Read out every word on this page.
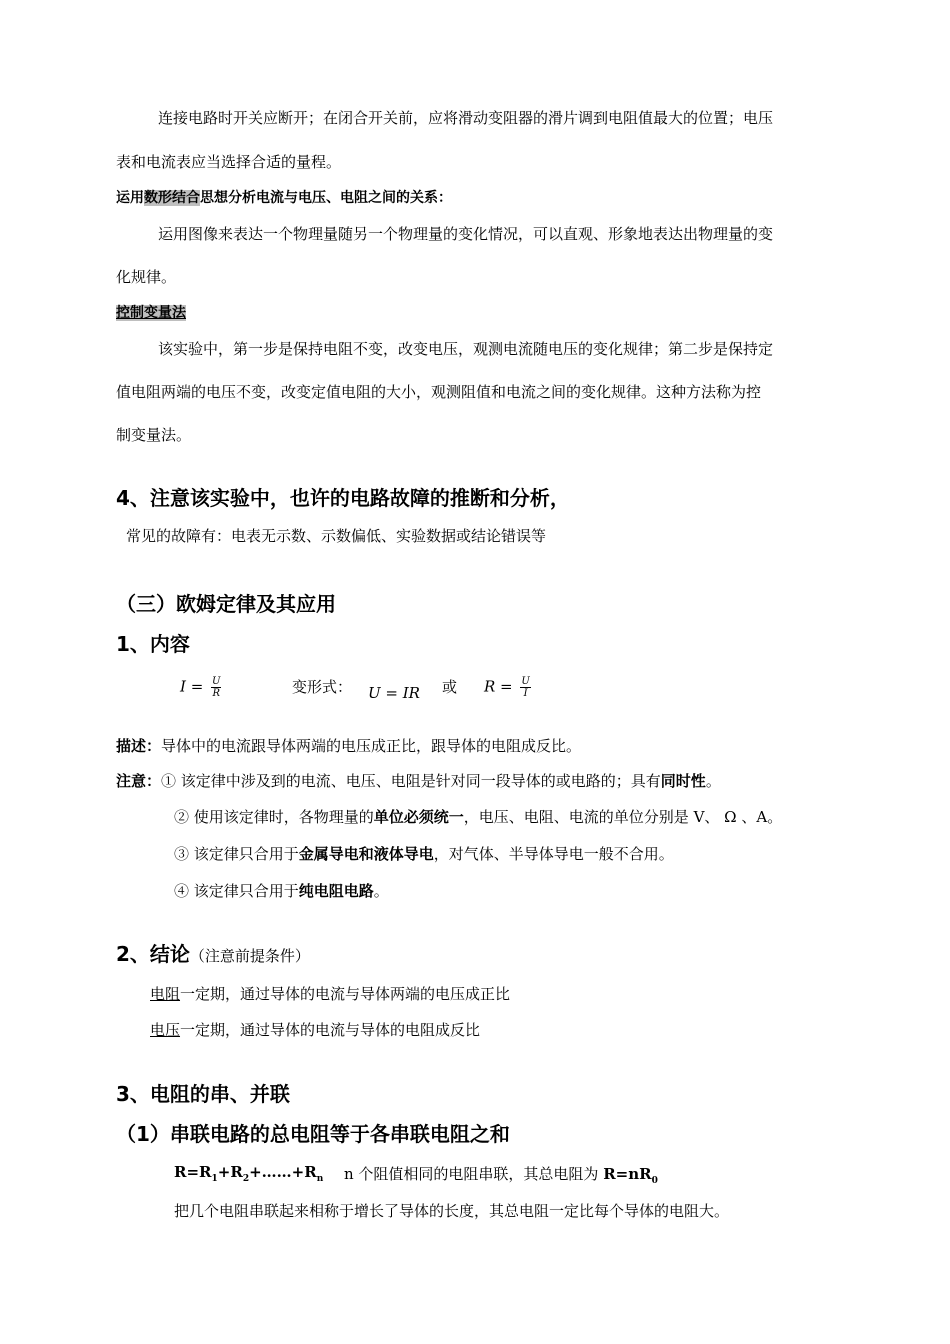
连接电路时开关应断开；在闭合开关前，应将滑动变阻器的滑片调到电阻值最大的位置；电压
表和电流表应当选择合适的量程。
运用数形结合思想分析电流与电压、电阻之间的关系：
运用图像来表达一个物理量随另一个物理量的变化情况，可以直观、形象地表达出物理量的变
化规律。
控制变量法
该实验中，第一步是保持电阻不变，改变电压，观测电流随电压的变化规律；第二步是保持定
值电阻两端的电压不变，改变定值电阻的大小，观测阻值和电流之间的变化规律。这种方法称为控
制变量法。
4、注意该实验中，也许的电路故障的推断和分析，
常见的故障有：电表无示数、示数偏低、实验数据或结论错误等
（三）欧姆定律及其应用
1、内容
$I = \frac{U}{R}$	变形式： U = IR 或 $R = \frac{U}{I}$
描述：导体中的电流跟导体两端的电压成正比，跟导体的电阻成反比。
注意：① 该定律中涉及到的电流、电压、电阻是针对同一段导体的或电路的；具有同时性。
② 使用该定律时，各物理量的单位必须统一，电压、电阻、电流的单位分别是 V、 Ω 、A。
③ 该定律只合用于金属导电和液体导电，对气体、半导体导电一般不合用。
④ 该定律只合用于纯电阻电路。
2、结论（注意前提条件）
电阻一定期，通过导体的电流与导体两端的电压成正比
电压一定期，通过导体的电流与导体的电阻成反比
3、电阻的串、并联
（1）串联电路的总电阻等于各串联电阻之和
$R=R_1+R_2+\dots\dots+R_n$ n 个阻值相同的电阻串联，其总电阻为 $R=nR_0$
把几个电阻串联起来相称于增长了导体的长度，其总电阻一定比每个导体的电阻大。
